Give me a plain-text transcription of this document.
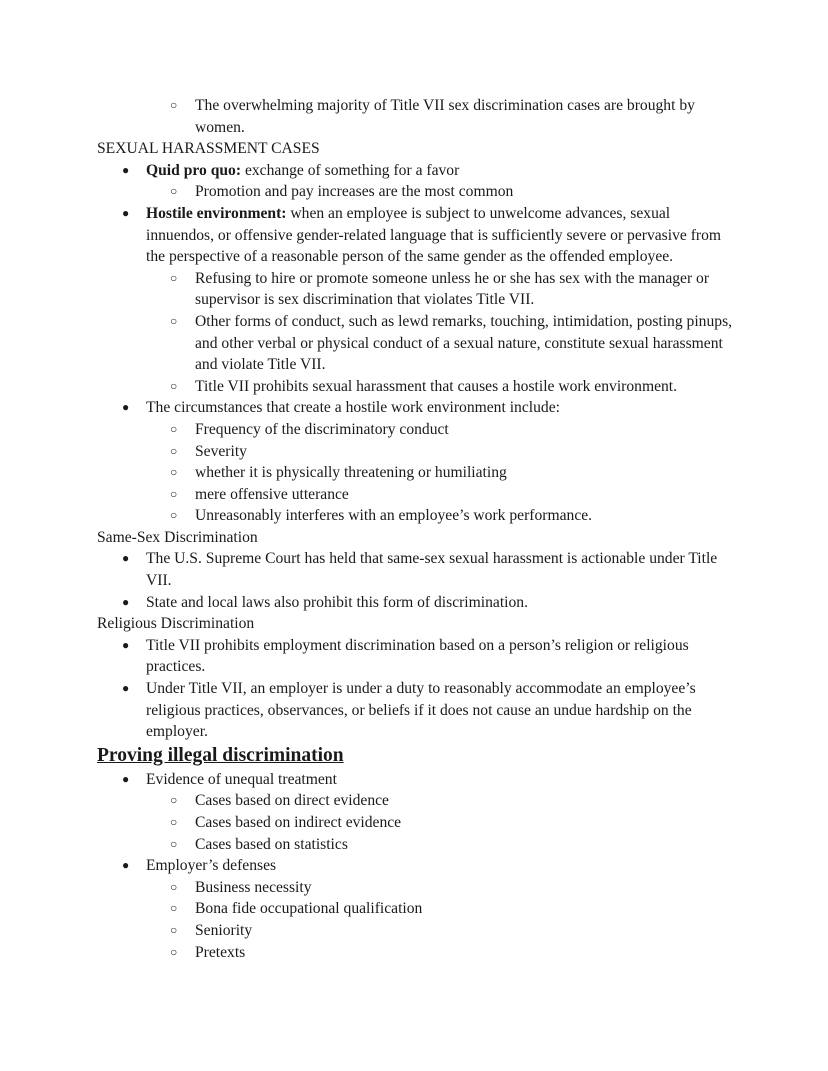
○ The overwhelming majority of Title VII sex discrimination cases are brought by women.
SEXUAL HARASSMENT CASES
● Quid pro quo: exchange of something for a favor
○ Promotion and pay increases are the most common
● Hostile environment: when an employee is subject to unwelcome advances, sexual innuendos, or offensive gender-related language that is sufficiently severe or pervasive from the perspective of a reasonable person of the same gender as the offended employee.
○ Refusing to hire or promote someone unless he or she has sex with the manager or supervisor is sex discrimination that violates Title VII.
○ Other forms of conduct, such as lewd remarks, touching, intimidation, posting pinups, and other verbal or physical conduct of a sexual nature, constitute sexual harassment and violate Title VII.
○ Title VII prohibits sexual harassment that causes a hostile work environment.
● The circumstances that create a hostile work environment include:
○ Frequency of the discriminatory conduct
○ Severity
○ whether it is physically threatening or humiliating
○ mere offensive utterance
○ Unreasonably interferes with an employee’s work performance.
Same-Sex Discrimination
● The U.S. Supreme Court has held that same-sex sexual harassment is actionable under Title VII.
● State and local laws also prohibit this form of discrimination.
Religious Discrimination
● Title VII prohibits employment discrimination based on a person’s religion or religious practices.
● Under Title VII, an employer is under a duty to reasonably accommodate an employee’s religious practices, observances, or beliefs if it does not cause an undue hardship on the employer.
Proving illegal discrimination
● Evidence of unequal treatment
○ Cases based on direct evidence
○ Cases based on indirect evidence
○ Cases based on statistics
● Employer’s defenses
○ Business necessity
○ Bona fide occupational qualification
○ Seniority
○ Pretexts
